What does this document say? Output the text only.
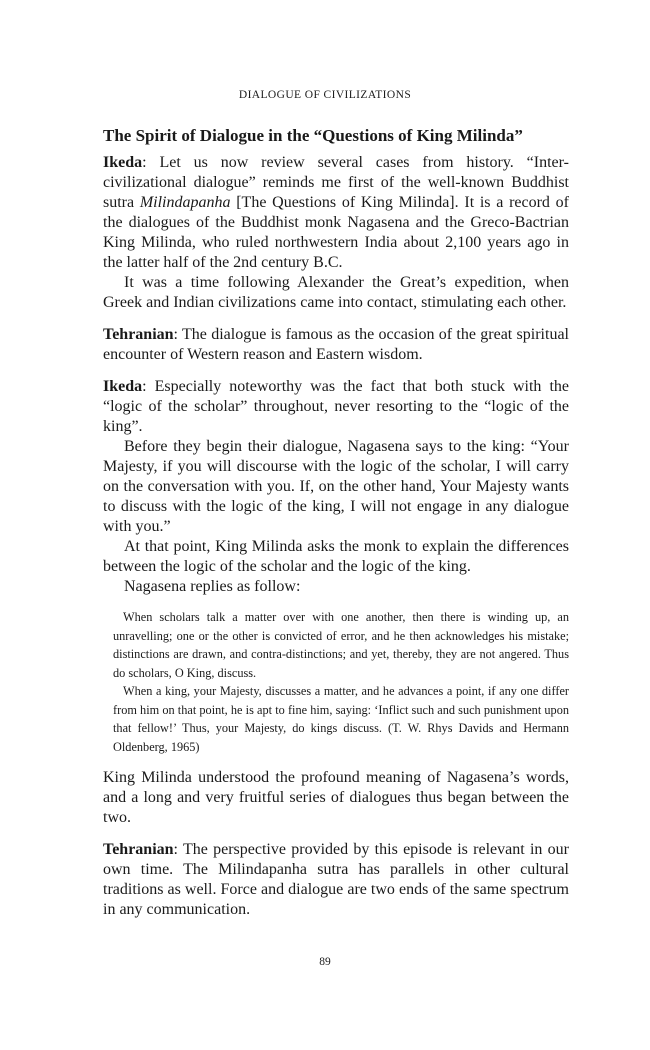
DIALOGUE OF CIVILIZATIONS
The Spirit of Dialogue in the “Questions of King Milinda”

Ikeda: Let us now review several cases from history. “Inter-civilizational dialogue” reminds me first of the well-known Buddhist sutra Milindapanha [The Questions of King Milinda]. It is a record of the dialogues of the Buddhist monk Nagasena and the Greco-Bactrian King Milinda, who ruled northwestern India about 2,100 years ago in the latter half of the 2nd century B.C.

It was a time following Alexander the Great’s expedition, when Greek and Indian civilizations came into contact, stimulating each other.

Tehranian: The dialogue is famous as the occasion of the great spiritual encounter of Western reason and Eastern wisdom.

Ikeda: Especially noteworthy was the fact that both stuck with the “logic of the scholar” throughout, never resorting to the “logic of the king”.

Before they begin their dialogue, Nagasena says to the king: “Your Majesty, if you will discourse with the logic of the scholar, I will carry on the conversation with you. If, on the other hand, Your Majesty wants to discuss with the logic of the king, I will not engage in any dialogue with you.”

At that point, King Milinda asks the monk to explain the differences between the logic of the scholar and the logic of the king.

Nagasena replies as follow:

When scholars talk a matter over with one another, then there is winding up, an unravelling; one or the other is convicted of error, and he then acknowledges his mistake; distinctions are drawn, and contra-distinctions; and yet, thereby, they are not angered. Thus do scholars, O King, discuss.

When a king, your Majesty, discusses a matter, and he advances a point, if any one differ from him on that point, he is apt to fine him, saying: ‘Inflict such and such punishment upon that fellow!’ Thus, your Majesty, do kings discuss. (T. W. Rhys Davids and Hermann Oldenberg, 1965)

King Milinda understood the profound meaning of Nagasena’s words, and a long and very fruitful series of dialogues thus began between the two.

Tehranian: The perspective provided by this episode is relevant in our own time. The Milindapanha sutra has parallels in other cultural traditions as well. Force and dialogue are two ends of the same spectrum in any communication.

89
